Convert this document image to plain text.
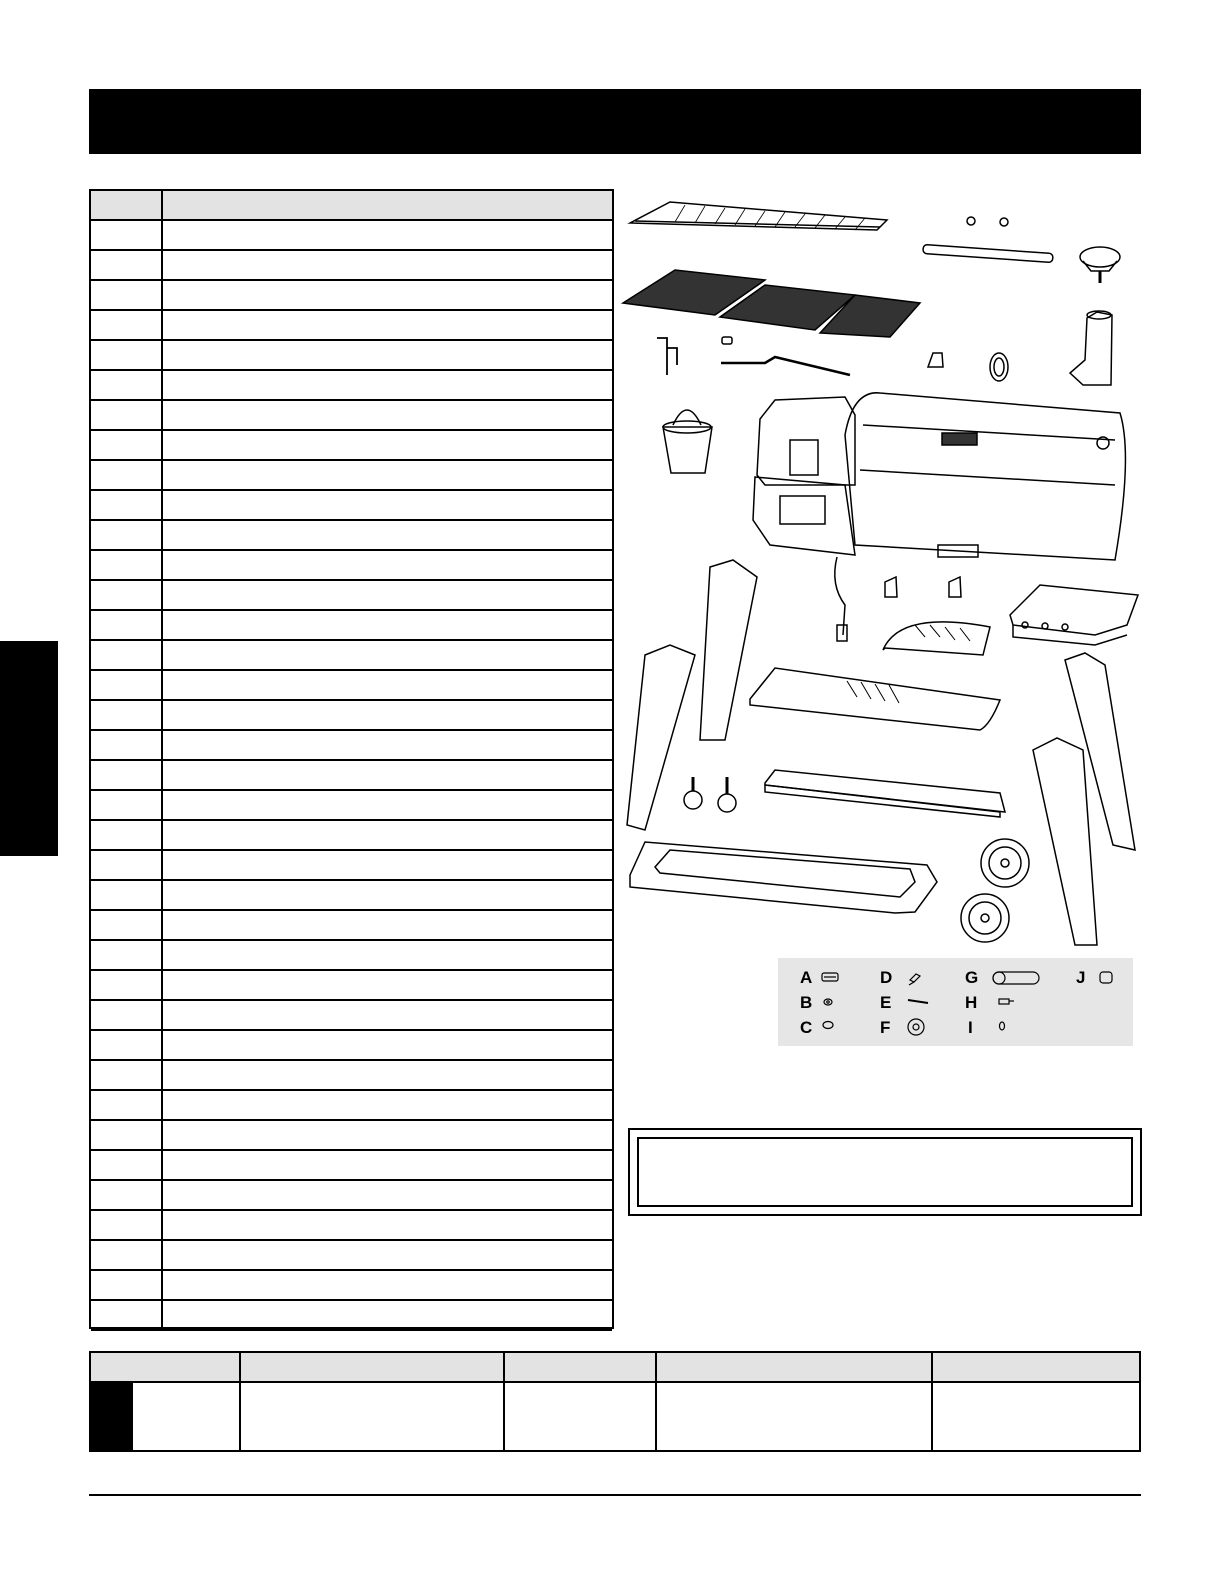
A
B
C
D
E
F
G
H
I
J
